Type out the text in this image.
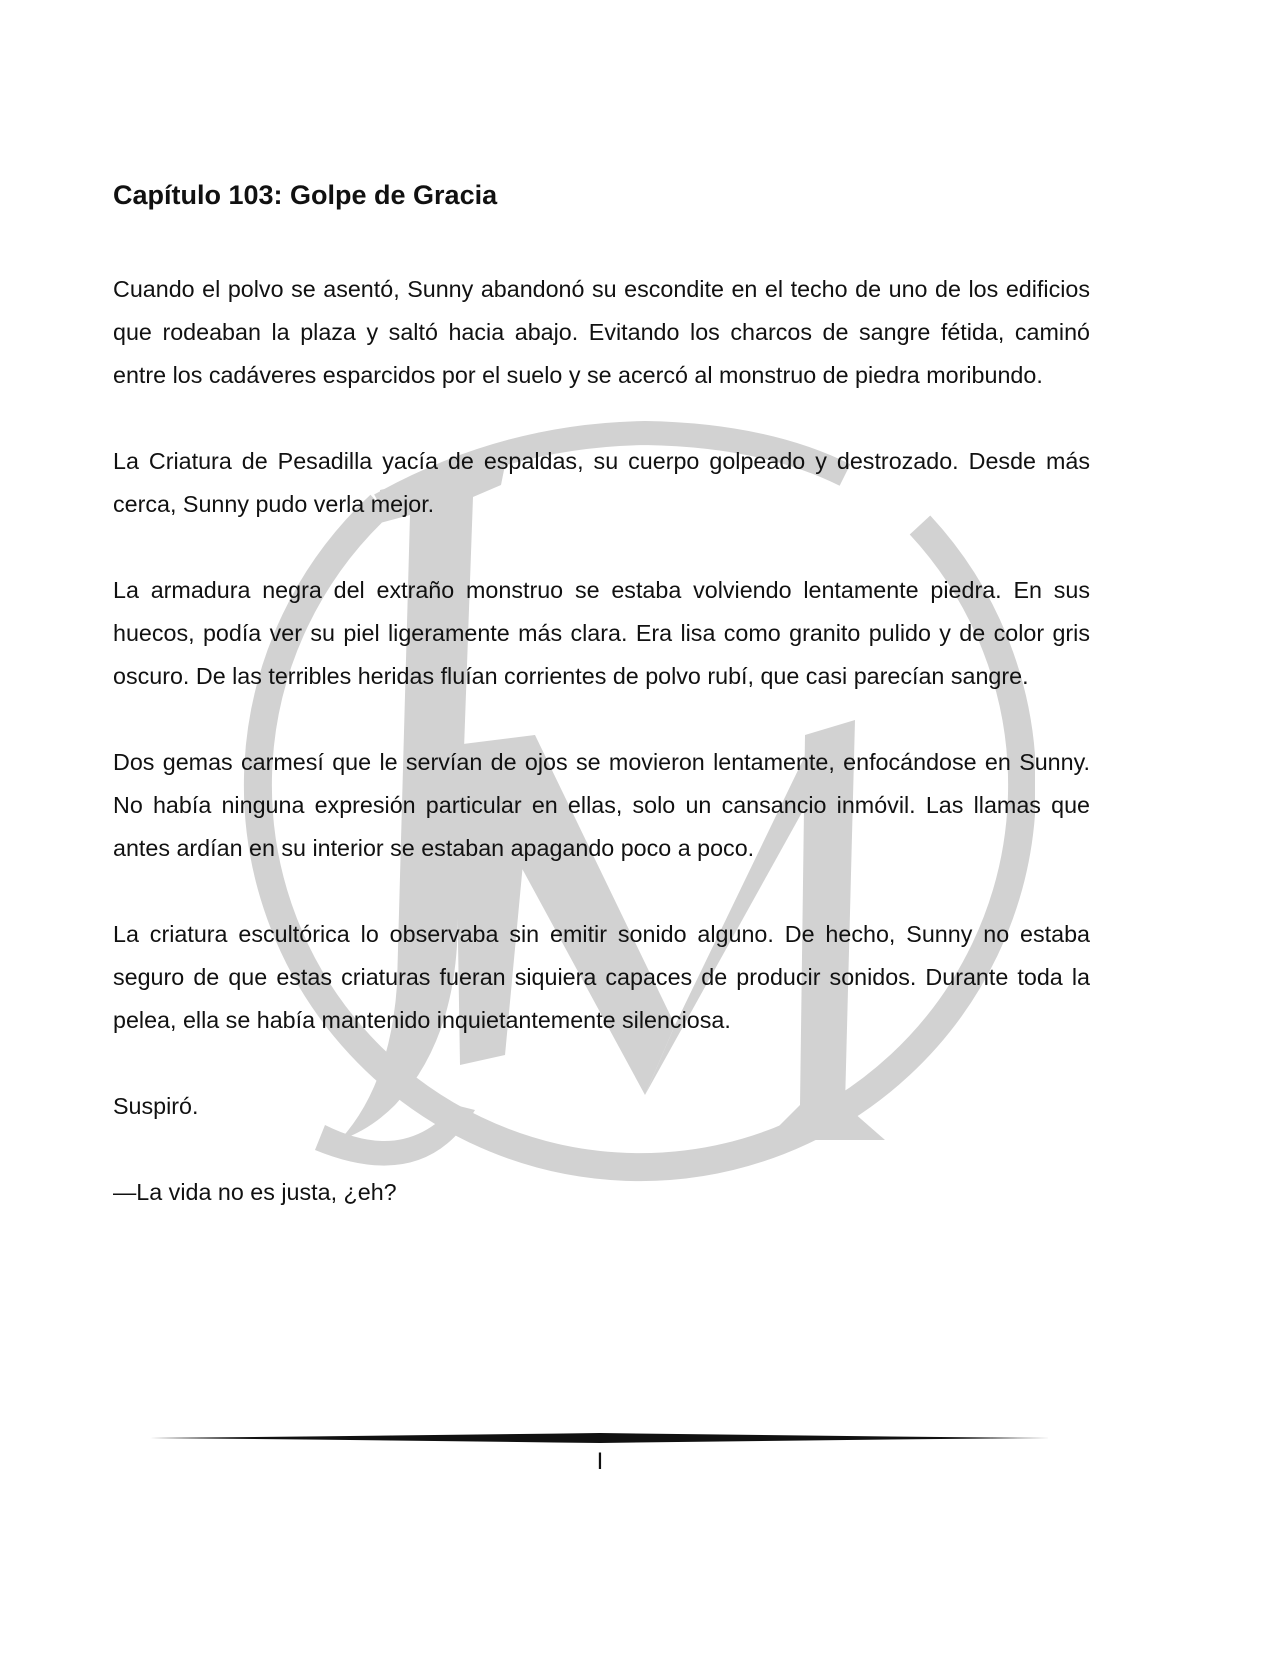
Capítulo 103: Golpe de Gracia

Cuando el polvo se asentó, Sunny abandonó su escondite en el techo de uno de los edificios que rodeaban la plaza y saltó hacia abajo. Evitando los charcos de sangre fétida, caminó entre los cadáveres esparcidos por el suelo y se acercó al monstruo de piedra moribundo.

La Criatura de Pesadilla yacía de espaldas, su cuerpo golpeado y destrozado. Desde más cerca, Sunny pudo verla mejor.

La armadura negra del extraño monstruo se estaba volviendo lentamente piedra. En sus huecos, podía ver su piel ligeramente más clara. Era lisa como granito pulido y de color gris oscuro. De las terribles heridas fluían corrientes de polvo rubí, que casi parecían sangre.

Dos gemas carmesí que le servían de ojos se movieron lentamente, enfocándose en Sunny. No había ninguna expresión particular en ellas, solo un cansancio inmóvil. Las llamas que antes ardían en su interior se estaban apagando poco a poco.

La criatura escultórica lo observaba sin emitir sonido alguno. De hecho, Sunny no estaba seguro de que estas criaturas fueran siquiera capaces de producir sonidos. Durante toda la pelea, ella se había mantenido inquietantemente silenciosa.

Suspiró.

—La vida no es justa, ¿eh?

I
